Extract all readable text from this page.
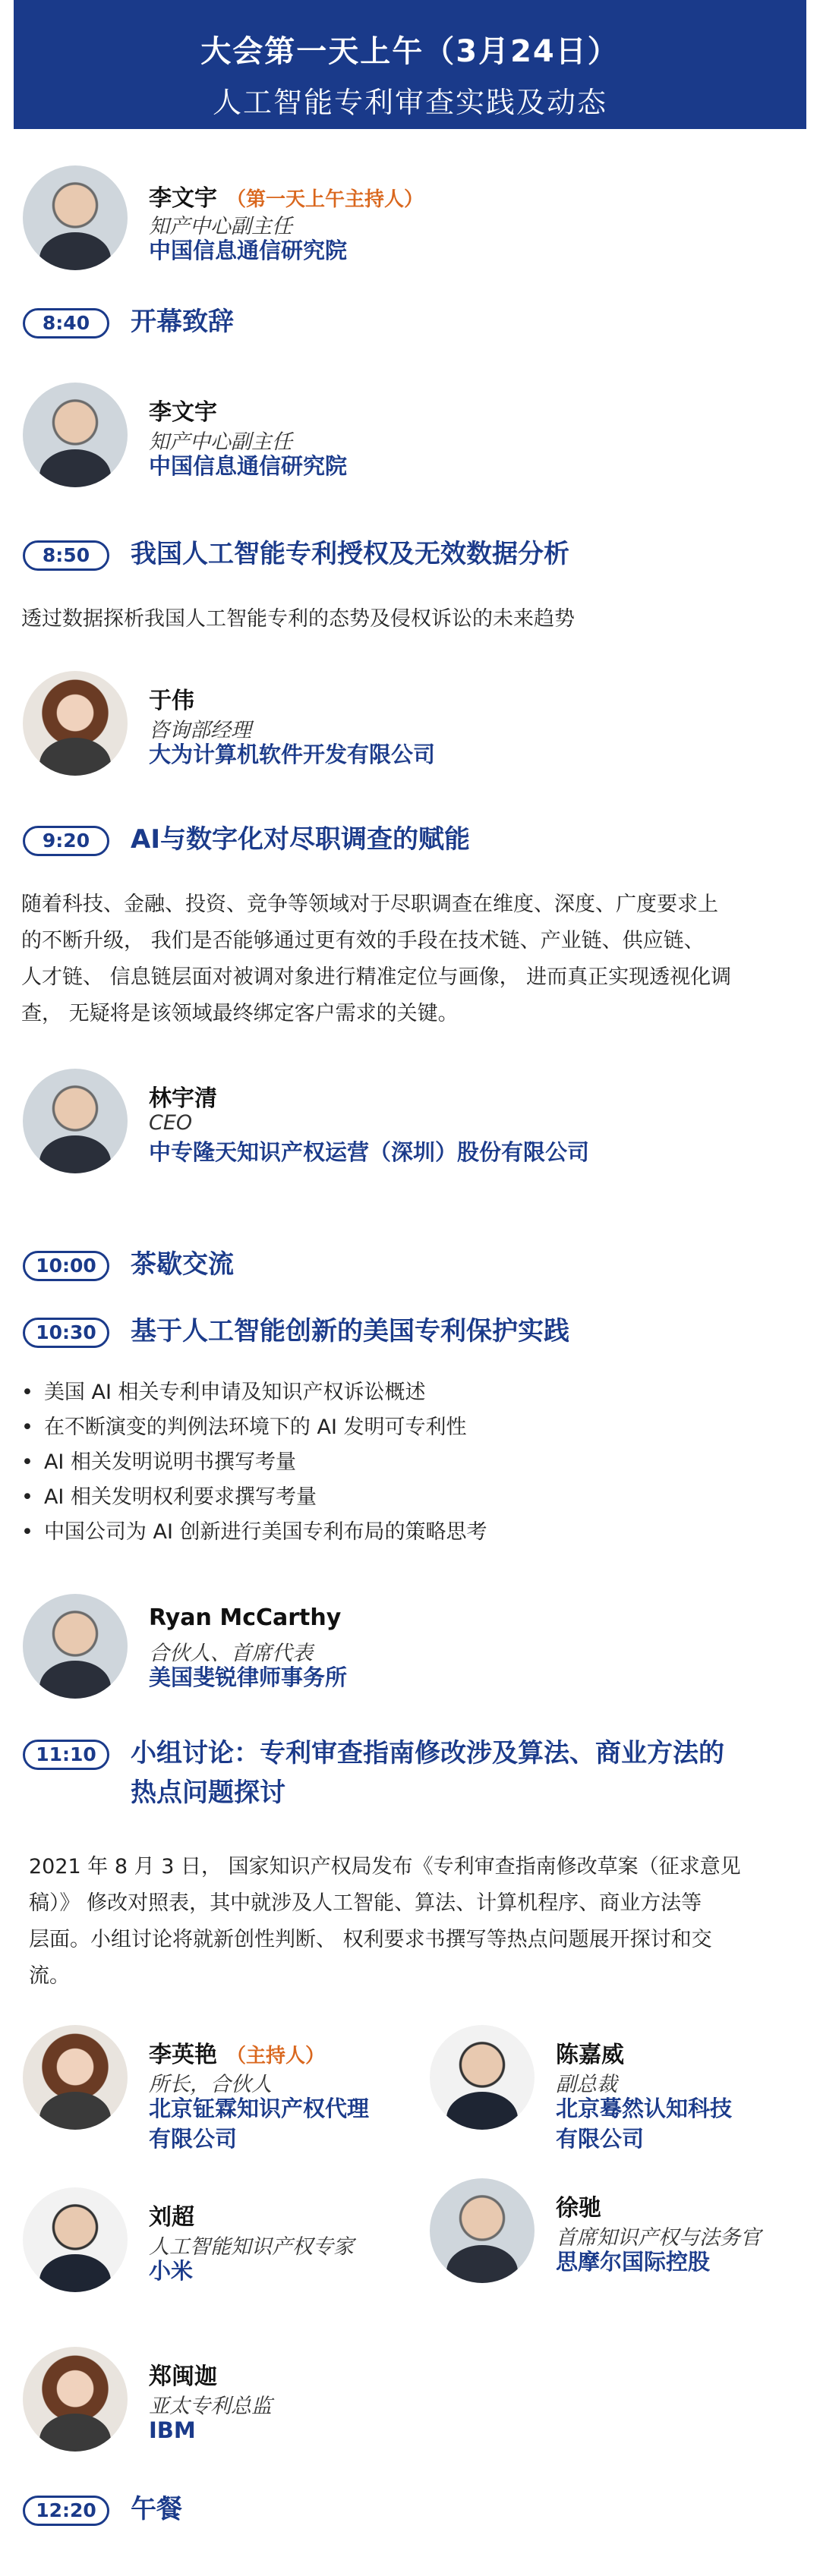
大会第一天上午（3月24日）
人工智能专利审查实践及动态
李文宇 （第一天上午主持人）
知产中心副主任
中国信息通信研究院
8:40	开幕致辞
李文宇
知产中心副主任
中国信息通信研究院
8:50	我国人工智能专利授权及无效数据分析
透过数据探析我国人工智能专利的态势及侵权诉讼的未来趋势
于伟
咨询部经理
大为计算机软件开发有限公司
9:20	AI与数字化对尽职调查的赋能
随着科技、金融、投资、竞争等领域对于尽职调查在维度、深度、广度要求上
的不断升级， 我们是否能够通过更有效的手段在技术链、产业链、供应链、
人才链、 信息链层面对被调对象进行精准定位与画像， 进而真正实现透视化调
查， 无疑将是该领域最终绑定客户需求的关键。
林宇清
CEO
中专隆天知识产权运营（深圳）股份有限公司
10:00	茶歇交流
10:30	基于人工智能创新的美国专利保护实践
• 美国 AI 相关专利申请及知识产权诉讼概述
• 在不断演变的判例法环境下的 AI 发明可专利性
• AI 相关发明说明书撰写考量
• AI 相关发明权利要求撰写考量
• 中国公司为 AI 创新进行美国专利布局的策略思考
Ryan McCarthy
合伙人、首席代表
美国斐锐律师事务所
11:10	小组讨论：专利审查指南修改涉及算法、商业方法的
热点问题探讨
2021 年 8 月 3 日， 国家知识产权局发布《专利审查指南修改草案（征求意见
稿）》 修改对照表，其中就涉及人工智能、算法、计算机程序、商业方法等
层面。小组讨论将就新创性判断、 权利要求书撰写等热点问题展开探讨和交
流。
李英艳 （主持人）
所长，合伙人
北京钲霖知识产权代理
有限公司
陈嘉威
副总裁
北京蓦然认知科技
有限公司
刘超
人工智能知识产权专家
小米
徐驰
首席知识产权与法务官
思摩尔国际控股
郑闽迦
亚太专利总监
IBM
12:20	午餐
